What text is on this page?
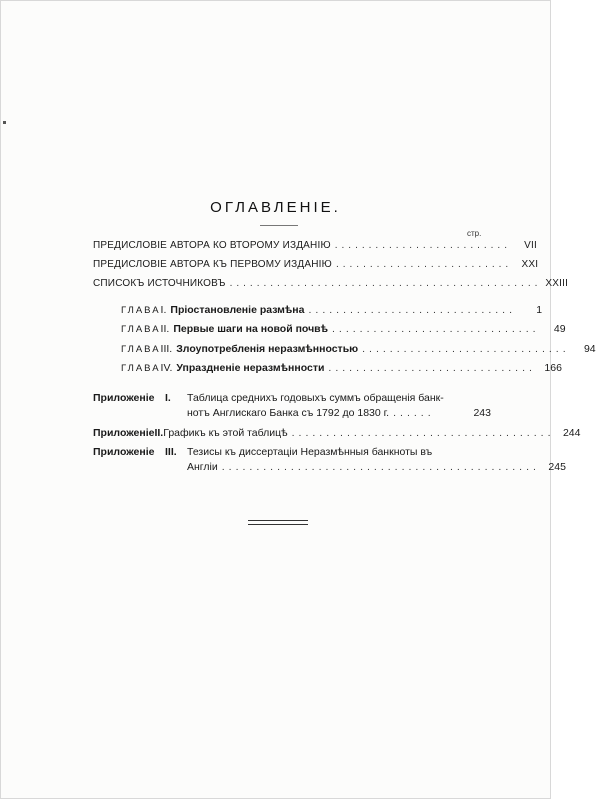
ОГЛАВЛЕНІЕ.
стр.
ПРЕДИСЛОВІЕ АВТОРА КО ВТОРОМУ ИЗДАНІЮ ..........................	VII
ПРЕДИСЛОВІЕ АВТОРА КЪ ПЕРВОМУ ИЗДАНІЮ .......................... XXI
СПИСОКЪ ИСТОЧНИКОВЪ .............................................. XXIII
ГЛАВА I. Пріостановленіе размѣна ..............................	1
ГЛАВА II. Первые шаги на новой почвѣ ..............................	49
ГЛАВА III. Злоупотребленія неразмѣнностью ..............................	94
ГЛАВА IV. Упраздненіе неразмѣнности .............................. 166
Приложеніе	I.	Таблица среднихъ годовыхъ суммъ обращенія банк-
нотъ Англискаго Банка съ 1792 до 1830 г. ......	243
Приложеніе II. Графикъ къ этой таблицѣ ...................................... 244
Приложеніе	III. Тезисы къ диссертаціи Неразмѣнныя банкноты въ
Англіи .............................................. 245
